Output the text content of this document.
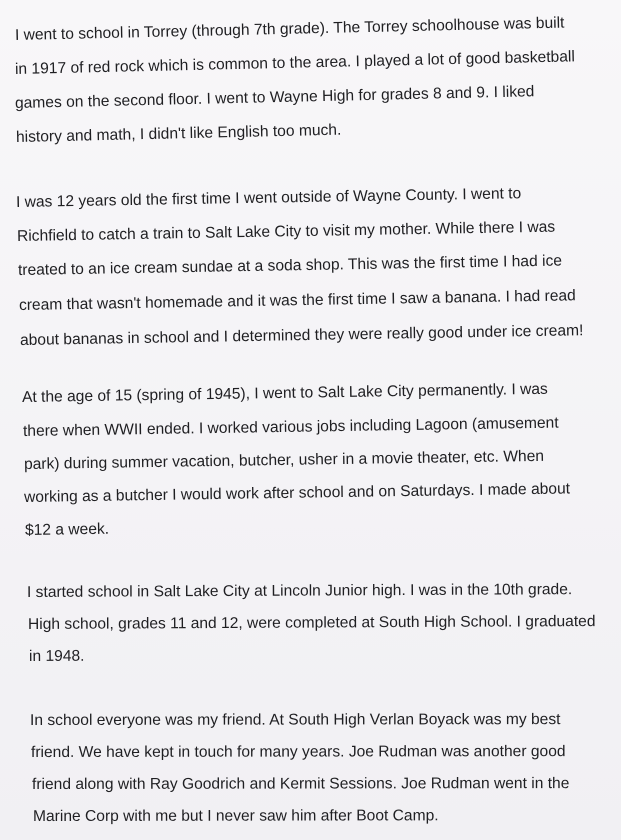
I went to school in Torrey (through 7th grade). The Torrey schoolhouse was built
in 1917 of red rock which is common to the area. I played a lot of good basketball
games on the second floor. I went to Wayne High for grades 8 and 9. I liked
history and math, I didn't like English too much.
I was 12 years old the first time I went outside of Wayne County. I went to
Richfield to catch a train to Salt Lake City to visit my mother. While there I was
treated to an ice cream sundae at a soda shop. This was the first time I had ice
cream that wasn't homemade and it was the first time I saw a banana. I had read
about bananas in school and I determined they were really good under ice cream!
At the age of 15 (spring of 1945), I went to Salt Lake City permanently. I was
there when WWII ended. I worked various jobs including Lagoon (amusement
park) during summer vacation, butcher, usher in a movie theater, etc. When
working as a butcher I would work after school and on Saturdays. I made about
$12 a week.
I started school in Salt Lake City at Lincoln Junior high. I was in the 10th grade.
High school, grades 11 and 12, were completed at South High School. I graduated
in 1948.
In school everyone was my friend. At South High Verlan Boyack was my best
friend. We have kept in touch for many years. Joe Rudman was another good
friend along with Ray Goodrich and Kermit Sessions. Joe Rudman went in the
Marine Corp with me but I never saw him after Boot Camp.
